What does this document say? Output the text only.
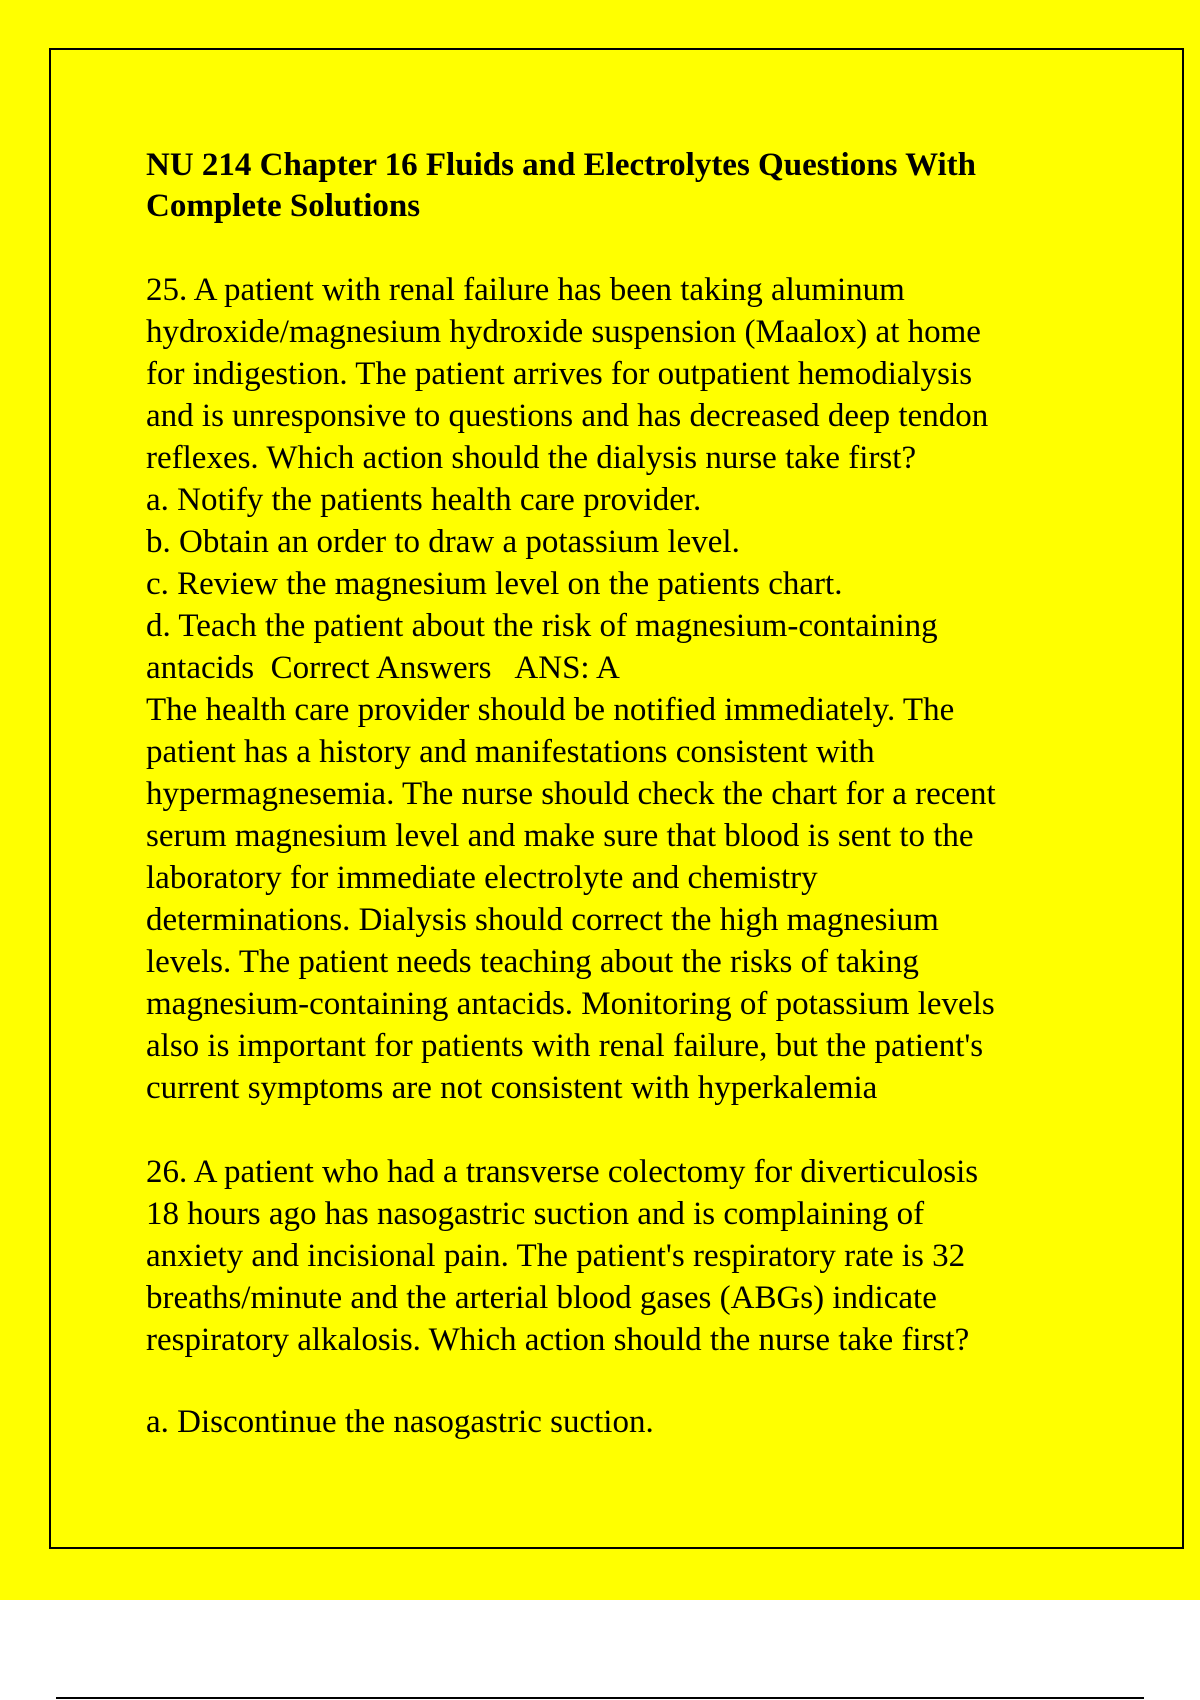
NU 214 Chapter 16 Fluids and Electrolytes Questions With
Complete Solutions

25. A patient with renal failure has been taking aluminum

hydroxide/magnesium hydroxide suspension (Maalox) at home

for indigestion. The patient arrives for outpatient hemodialysis

and is unresponsive to questions and has decreased deep tendon

reflexes. Which action should the dialysis nurse take first?

a. Notify the patients health care provider.

b. Obtain an order to draw a potassium level.

c. Review the magnesium level on the patients chart.

d. Teach the patient about the risk of magnesium-containing

antacids  Correct Answers   ANS: A

The health care provider should be notified immediately. The

patient has a history and manifestations consistent with

hypermagnesemia. The nurse should check the chart for a recent

serum magnesium level and make sure that blood is sent to the

laboratory for immediate electrolyte and chemistry

determinations. Dialysis should correct the high magnesium

levels. The patient needs teaching about the risks of taking

magnesium-containing antacids. Monitoring of potassium levels

also is important for patients with renal failure, but the patient's

current symptoms are not consistent with hyperkalemia

26. A patient who had a transverse colectomy for diverticulosis

18 hours ago has nasogastric suction and is complaining of

anxiety and incisional pain. The patient's respiratory rate is 32

breaths/minute and the arterial blood gases (ABGs) indicate

respiratory alkalosis. Which action should the nurse take first?

a. Discontinue the nasogastric suction.
